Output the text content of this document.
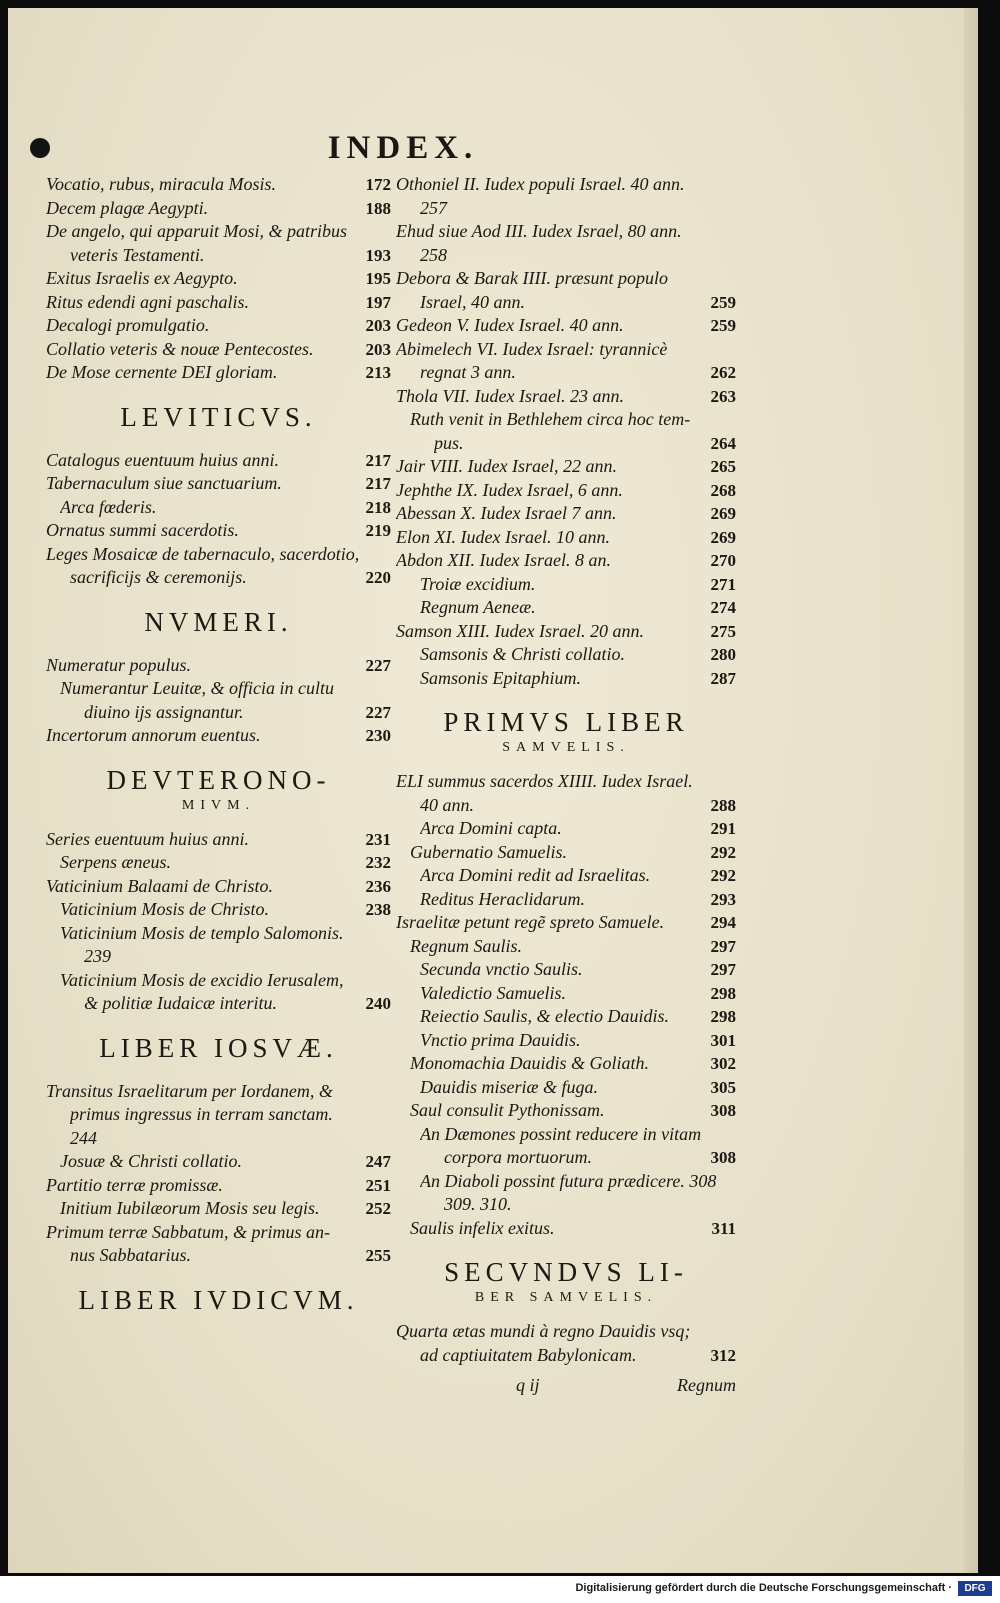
INDEX.
Vocatio, rubus, miracula Mosis.	172
Decem plagæ Aegypti.	188
De angelo, qui apparuit Mosi, & patribus
veteris Testamenti.	193
Exitus Israelis ex Aegypto.	195
Ritus edendi agni paschalis.	197
Decalogi promulgatio.	203
Collatio veteris & nouæ Pentecostes.	203
De Mose cernente DEI gloriam.	213
LEVITICVS.
Catalogus euentuum huius anni.	217
Tabernaculum siue sanctuarium.	217
Arca fœderis.	218
Ornatus summi sacerdotis.	219
Leges Mosaicæ de tabernaculo, sacerdotio,
sacrificijs & ceremonijs.	220
NVMERI.
Numeratur populus.	227
Numerantur Leuitæ, & officia in cultu
diuino ijs assignantur.	227
Incertorum annorum euentus.	230
DEVTERONO-
MIVM.
Series euentuum huius anni.	231
Serpens æneus.	232
Vaticinium Balaami de Christo.	236
Vaticinium Mosis de Christo.	238
Vaticinium Mosis de templo Salomonis.
239
Vaticinium Mosis de excidio Ierusalem,
& politiæ Iudaicæ interitu.	240
LIBER IOSVÆ.
Transitus Israelitarum per Iordanem, &
primus ingressus in terram sanctam.
244
Josuæ & Christi collatio.	247
Partitio terræ promissæ.	251
Initium Iubilæorum Mosis seu legis.	252
Primum terræ Sabbatum, & primus an-
nus Sabbatarius.	255
LIBER IVDICVM.
Othoniel II. Iudex populi Israel. 40 ann.
257
Ehud siue Aod III. Iudex Israel, 80 ann.
258
Debora & Barak IIII. præsunt populo
Israel, 40 ann.	259
Gedeon V. Iudex Israel. 40 ann.	259
Abimelech VI. Iudex Israel: tyrannicè
regnat 3 ann.	262
Thola VII. Iudex Israel. 23 ann.	263
Ruth venit in Bethlehem circa hoc tem-
pus.	264
Jair VIII. Iudex Israel, 22 ann.	265
Jephthe IX. Iudex Israel, 6 ann.	268
Abessan X. Iudex Israel 7 ann.	269
Elon XI. Iudex Israel. 10 ann.	269
Abdon XII. Iudex Israel. 8 an.	270
Troiæ excidium.	271
Regnum Aeneæ.	274
Samson XIII. Iudex Israel. 20 ann.	275
Samsonis & Christi collatio.	280
Samsonis Epitaphium.	287
PRIMVS LIBER
SAMVELIS.
ELI summus sacerdos XIIII. Iudex Israel.
40 ann.	288
Arca Domini capta.	291
Gubernatio Samuelis.	292
Arca Domini redit ad Israelitas.	292
Reditus Heraclidarum.	293
Israelitæ petunt regẽ spreto Samuele.	294
Regnum Saulis.	297
Secunda vnctio Saulis.	297
Valedictio Samuelis.	298
Reiectio Saulis, & electio Dauidis.	298
Vnctio prima Dauidis.	301
Monomachia Dauidis & Goliath.	302
Dauidis miseriæ & fuga.	305
Saul consulit Pythonissam.	308
An Dæmones possint reducere in vitam
corpora mortuorum.	308
An Diaboli possint futura prædicere. 308
309. 310.
Saulis infelix exitus.	311
SECVNDVS LI-
BER SAMVELIS.
Quarta ætas mundi à regno Dauidis vsq;
ad captiuitatem Babylonicam.	312
q ij	Regnum
Digitalisierung gefördert durch die Deutsche Forschungsgemeinschaft ·	DFG
